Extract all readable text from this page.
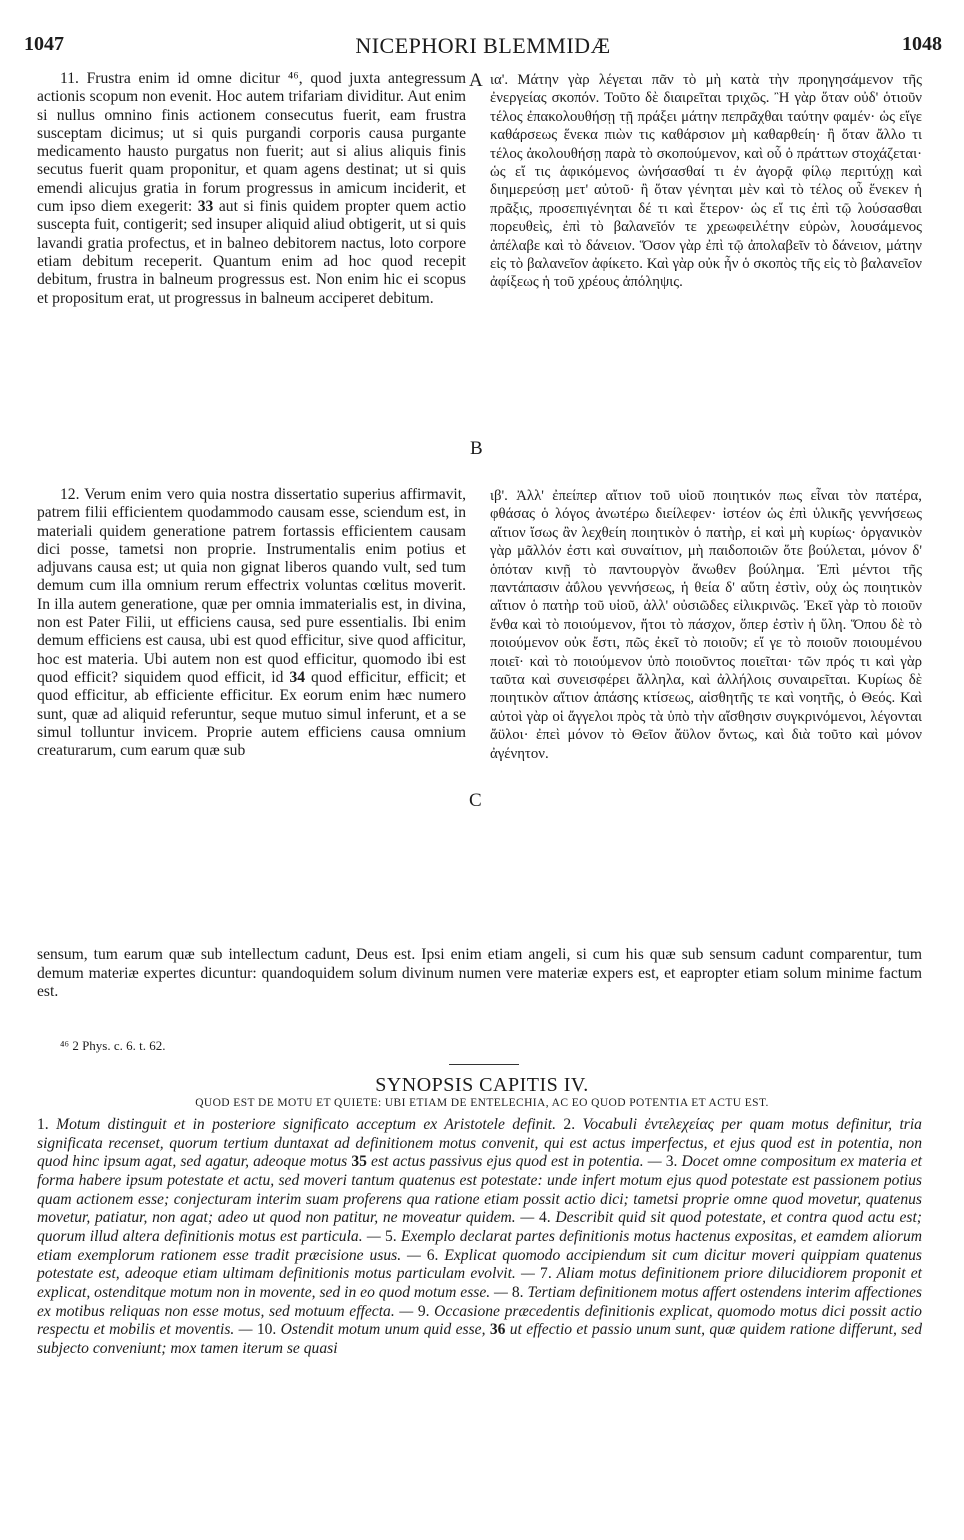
1047	NICEPHORI BLEMMIDÆ	1048

11. Frustra enim id omne dicitur ⁴⁶, quod juxta antegressum actionis scopum non evenit. Hoc autem trifariam dividitur. Aut enim si nullus omnino finis actionem consecutus fuerit, eam frustra susceptam dicimus; ut si quis purgandi corporis causa purgante medicamento hausto purgatus non fuerit; aut si alius aliquis finis secutus fuerit quam proponitur, et quam agens destinat; ut si quis emendi alicujus gratia in forum progressus in amicum inciderit, et cum ipso diem exegerit: 33 aut si finis quidem propter quem actio suscepta fuit, contigerit; sed insuper aliquid aliud obtigerit, ut si quis lavandi gratia profectus, et in balneo debitorem nactus, loto corpore etiam debitum receperit. Quantum enim ad hoc quod recepit debitum, frustra in balneum progressus est. Non enim hic ei scopus et propositum erat, ut progressus in balneum acciperet debitum.

12. Verum enim vero quia nostra dissertatio superius affirmavit, patrem filii efficientem quodammodo causam esse, sciendum est, in materiali quidem generatione patrem fortassis efficientem causam dici posse, tametsi non proprie. Instrumentalis enim potius et adjuvans causa est; ut quia non gignat liberos quando vult, sed tum demum cum illa omnium rerum effectrix voluntas cœlitus moverit. In illa autem generatione, quæ per omnia immaterialis est, in divina, non est Pater Filii, ut efficiens causa, sed pure essentialis. Ibi enim demum efficiens est causa, ubi est quod efficitur, sive quod afficitur, hoc est materia. Ubi autem non est quod efficitur, quomodo ibi est quod efficit? siquidem quod efficit, id 34 quod efficitur, efficit; et quod efficitur, ab efficiente efficitur. Ex eorum enim hæc numero sunt, quæ ad aliquid referuntur, seque mutuo simul inferunt, et a se simul tolluntur invicem. Proprie autem efficiens causa omnium creaturarum, cum earum quæ sub

A
B
C

ια'. Μάτην γὰρ λέγεται πᾶν τὸ μὴ κατὰ τὴν προηγησάμενον τῆς ἐνεργείας σκοπόν. Τοῦτο δὲ διαιρεῖται τριχῶς. Ἢ γὰρ ὅταν οὐδ' ὁτιοῦν τέλος ἐπακολουθήσῃ τῇ πράξει μάτην πεπρᾶχθαι ταύτην φαμέν· ὡς εἴγε καθάρσεως ἕνεκα πιὼν τις καθάρσιον μὴ καθαρθείη· ἢ ὅταν ἄλλο τι τέλος ἀκολουθήσῃ παρὰ τὸ σκοπούμενον, καὶ οὗ ὁ πράττων στοχάζεται· ὡς εἴ τις ἀφικόμενος ὠνήσασθαί τι ἐν ἀγορᾷ φίλῳ περιτύχῃ καὶ διημερεύσῃ μετ' αὐτοῦ· ἢ ὅταν γένηται μὲν καὶ τὸ τέλος οὗ ἕνεκεν ἡ πρᾶξις, προσεπιγένηται δέ τι καὶ ἕτερον· ὡς εἴ τις ἐπὶ τῷ λούσασθαι πορευθεὶς, ἐπὶ τὸ βαλανεῖόν τε χρεωφειλέτην εὑρὼν, λουσάμενος ἀπέλαβε καὶ τὸ δάνειον. Ὅσον γὰρ ἐπὶ τῷ ἀπολαβεῖν τὸ δάνειον, μάτην εἰς τὸ βαλανεῖον ἀφίκετο. Καὶ γὰρ οὐκ ἦν ὁ σκοπὸς τῆς εἰς τὸ βαλανεῖον ἀφίξεως ἡ τοῦ χρέους ἀπόληψις.

ιβ'. Ἀλλ' ἐπείπερ αἴτιον τοῦ υἱοῦ ποιητικόν πως εἶναι τὸν πατέρα, φθάσας ὁ λόγος ἀνωτέρω διείλεφεν· ἰστέον ὡς ἐπὶ ὑλικῆς γεννήσεως αἴτιον ἴσως ἂν λεχθείη ποιητικὸν ὁ πατὴρ, εἰ καὶ μὴ κυρίως· ὀργανικὸν γὰρ μᾶλλόν ἐστι καὶ συναίτιον, μὴ παιδοποιῶν ὅτε βούλεται, μόνον δ' ὁπόταν κινῇ τὸ παντουργὸν ἄνωθεν βούλημα. Ἐπὶ μέντοι τῆς παντάπασιν ἀΰλου γεννήσεως, ἡ θεία δ' αὕτη ἐστὶν, οὐχ ὡς ποιητικὸν αἴτιον ὁ πατὴρ τοῦ υἱοῦ, ἀλλ' οὐσιῶδες εἰλικρινῶς. Ἐκεῖ γὰρ τὸ ποιοῦν ἔνθα καὶ τὸ ποιούμενον, ἤτοι τὸ πάσχον, ὅπερ ἐστὶν ἡ ὕλη. Ὅπου δὲ τὸ ποιούμενον οὐκ ἔστι, πῶς ἐκεῖ τὸ ποιοῦν; εἴ γε τὸ ποιοῦν ποιουμένου ποιεῖ· καὶ τὸ ποιούμενον ὑπὸ ποιοῦντος ποιεῖται· τῶν πρός τι καὶ γὰρ ταῦτα καὶ συνεισφέρει ἄλληλα, καὶ ἀλλήλοις συναιρεῖται. Κυρίως δὲ ποιητικὸν αἴτιον ἁπάσης κτίσεως, αἰσθητῆς τε καὶ νοητῆς, ὁ Θεός. Καὶ αὐτοὶ γὰρ οἱ ἄγγελοι πρὸς τὰ ὑπὸ τὴν αἴσθησιν συγκρινόμενοι, λέγονται ἄϋλοι· ἐπεὶ μόνον τὸ Θεῖον ἄϋλον ὄντως, καὶ διὰ τοῦτο καὶ μόνον ἀγένητον.

sensum, tum earum quæ sub intellectum cadunt, Deus est. Ipsi enim etiam angeli, si cum his quæ sub sensum cadunt comparentur, tum demum materiæ expertes dicuntur: quandoquidem solum divinum numen vere materiæ expers est, et eapropter etiam solum minime factum est.

⁴⁶ 2 Phys. c. 6. t. 62.
SYNOPSIS CAPITIS IV.
QUOD EST DE MOTU ET QUIETE: UBI ETIAM DE ENTELECHIA, AC EO QUOD POTENTIA ET ACTU EST.
1. Motum distinguit et in posteriore significato acceptum ex Aristotele definit. 2. Vocabuli ἐντελεχείας per quam motus definitur, tria significata recenset, quorum tertium duntaxat ad definitionem motus convenit, qui est actus imperfectus, et ejus quod est in potentia, non quod hinc ipsum agat, sed agatur, adeoque motus 35 est actus passivus ejus quod est in potentia. — 3. Docet omne compositum ex materia et forma habere ipsum potestate et actu, sed moveri tantum quatenus est potestate: unde infert motum ejus quod potestate est passionem potius quam actionem esse; conjecturam interim suam proferens qua ratione etiam possit actio dici; tametsi proprie omne quod movetur, quatenus movetur, patiatur, non agat; adeo ut quod non patitur, ne moveatur quidem. — 4. Describit quid sit quod potestate, et contra quod actu est; quorum illud altera definitionis motus est particula. — 5. Exemplo declarat partes definitionis motus hactenus expositas, et eamdem aliorum etiam exemplorum rationem esse tradit præcisione usus. — 6. Explicat quomodo accipiendum sit cum dicitur moveri quippiam quatenus potestate est, adeoque etiam ultimam definitionis motus particulam evolvit. — 7. Aliam motus definitionem priore dilucidiorem proponit et explicat, ostenditque motum non in movente, sed in eo quod motum esse. — 8. Tertiam definitionem motus affert ostendens interim affectiones ex motibus reliquas non esse motus, sed motuum effecta. — 9. Occasione præcedentis definitionis explicat, quomodo motus dici possit actio respectu et mobilis et moventis. — 10. Ostendit motum unum quid esse, 36 ut effectio et passio unum sunt, quæ quidem ratione differunt, sed subjecto conveniunt; mox tamen iterum se quasi
